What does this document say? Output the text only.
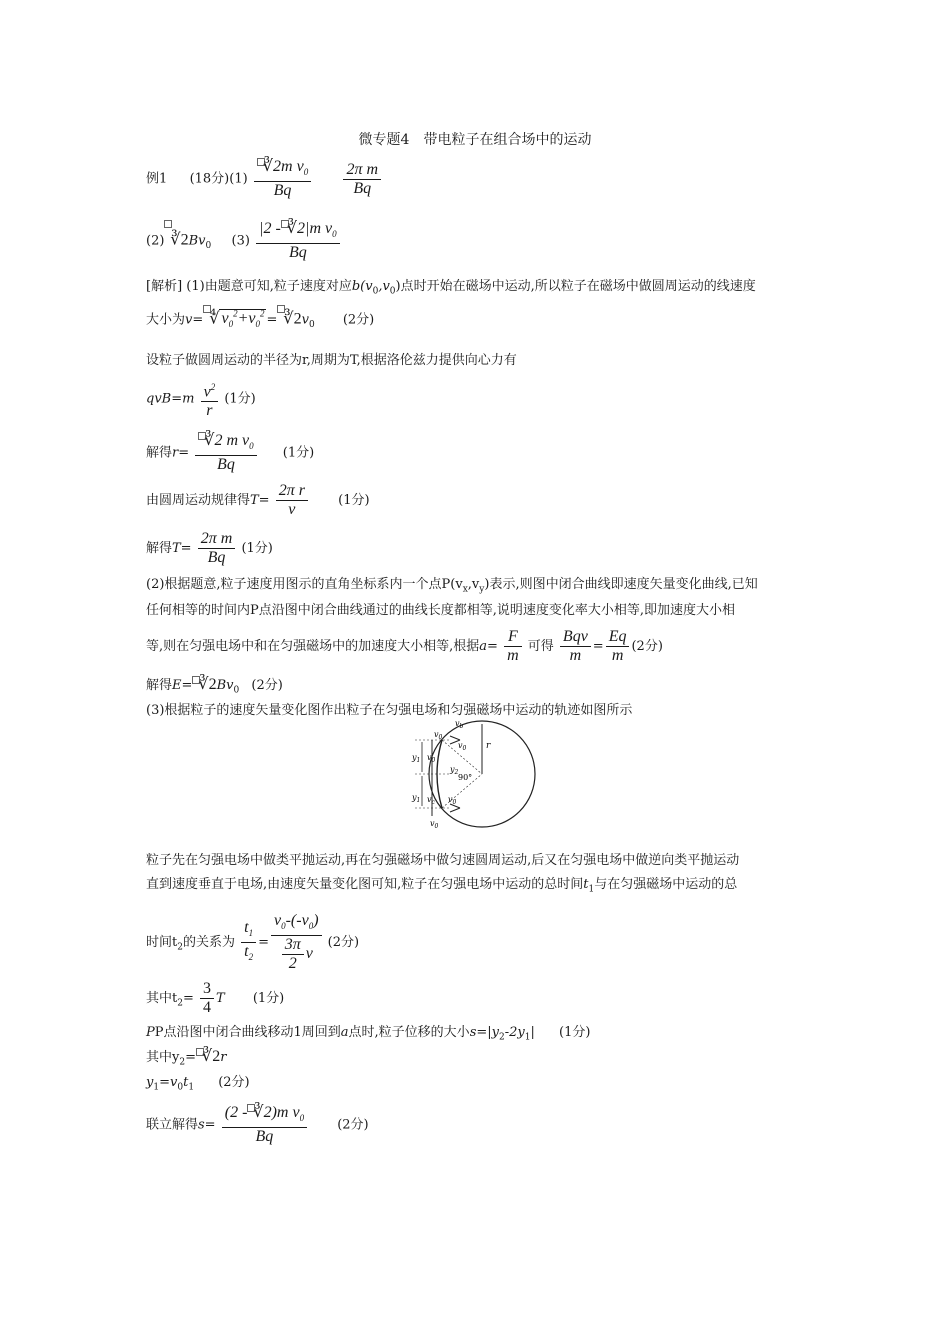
微专题4　带电粒子在组合场中的运动
例1 (18分)$(1) \frac{∛2m v_0}{Bq}$
$\frac{\text{2π m}}{Bq}$
(2) $∛2Bv_0$ $(3) \frac{|2 - ∛2|m v_0}{Bq}$
[解析] (1)由题意可知,粒子速度对应$b(v_0,v_0)$点时开始在磁场中运动,所以粒子在磁场中做圆周运动的线速度
大小为v= ∜ $v_0^2+v_0^2$ = $∛2v_0$ (2分)
设粒子做圆周运动的半径为r,周期为T,根据洛伦兹力提供向心力有
$qvB=m \frac{v^2}{r} (1$分)
解得$r= \frac{∛2 m v_0}{Bq} (1$分)
由圆周运动规律得$T= \frac{\text{2π r}}{v} (1$分)
解得$T= \frac{\text{2π m}}{Bq} (1$分)
(2)根据题意,粒子速度用图示的直角坐标系内一个点$P(v_x,v_y)$表示,则图中闭合曲线即速度矢量变化曲线,已知
任何相等的时间内P点沿图中闭合曲线通过的曲线长度都相等,说明速度变化率大小相等,即加速度大小相
等,则在匀强电场中和在匀强磁场中的加速度大小相等,根据$a= \frac{F}{m}$ 可得 $\frac{\text{Bqv}}{m} = \frac{Eq}{m} (2$分)
解得$E= ∛2Bv_0$ (2分)
(3)根据粒子的速度矢量变化图作出粒子在匀强电场和匀强磁场中运动的轨迹如图所示
$v_b$
$v_0$
$v_0$
$v_0$
$y_1$
$y_1$
$y_2$
r
90°
$v_c$ $v_0$
$v_0$
粒子先在匀强电场中做类平抛运动,再在匀强磁场中做匀速圆周运动,后又在匀强电场中做逆向类平抛运动
直到速度垂直于电场,由速度矢量变化图可知,粒子在匀强电场中运动的总时间$t_1$与在匀强磁场中运动的总
时间$t_2$的关系为 $\frac{t_1}{t_2} = \frac{v_0-(-v_0)}{\frac{3\pi}{2} v} (2$分)
其中$t_2= \frac{3}{4}$ T (1分)
PP点沿图中闭合曲线移动1周回到a点时,粒子位移的大小$s=|y_2-2y_1|$ (1分)
其中$y_2=$ ∛2r
$y_1=v_0t_1$ (2分)
联立解得$s= \frac{(2 - ∛2)m v_0}{Bq} (2$分)
